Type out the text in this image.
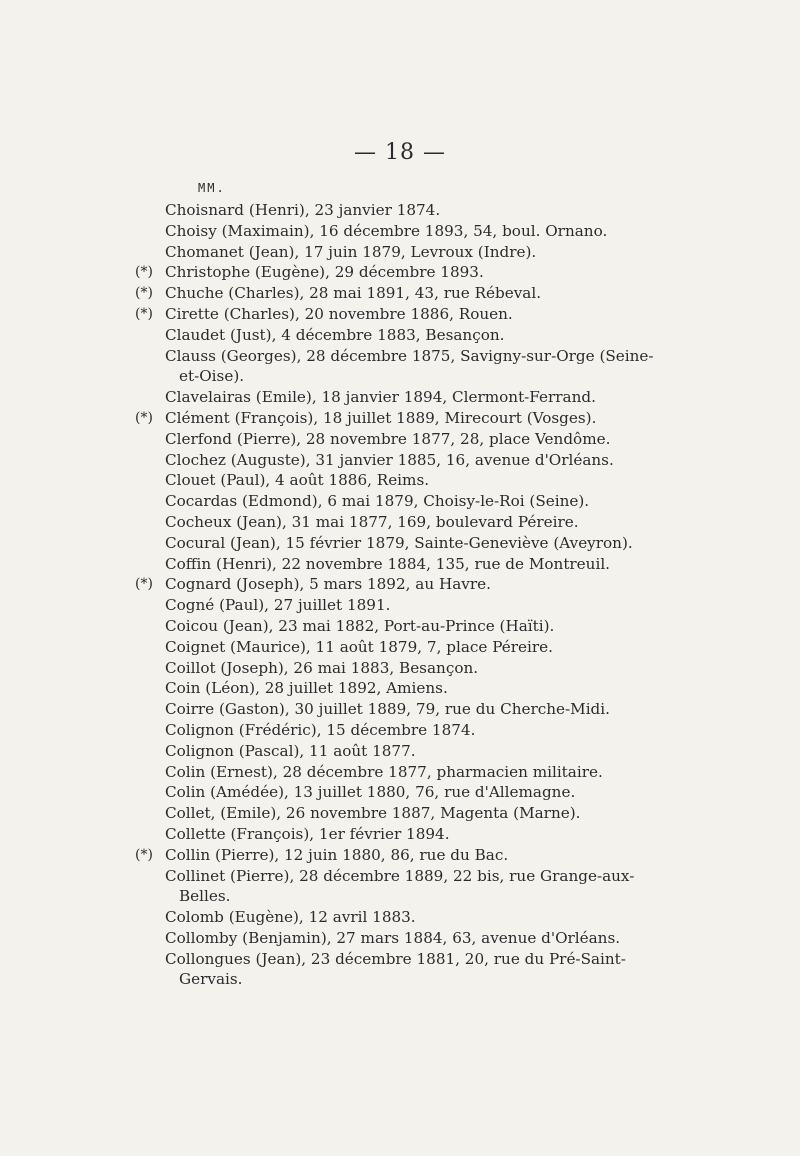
— 18 —
MM.
Choisnard (Henri), 23 janvier 1874.
Choisy (Maximain), 16 décembre 1893, 54, boul. Ornano.
Chomanet (Jean), 17 juin 1879, Levroux (Indre).
(*) Christophe (Eugène), 29 décembre 1893.
(*) Chuche (Charles), 28 mai 1891, 43, rue Rébeval.
(*) Cirette (Charles), 20 novembre 1886, Rouen.
Claudet (Just), 4 décembre 1883, Besançon.
Clauss (Georges), 28 décembre 1875, Savigny-sur-Orge (Seine-
et-Oise).
Clavelairas (Emile), 18 janvier 1894, Clermont-Ferrand.
(*) Clément (François), 18 juillet 1889, Mirecourt (Vosges).
Clerfond (Pierre), 28 novembre 1877, 28, place Vendôme.
Clochez (Auguste), 31 janvier 1885, 16, avenue d'Orléans.
Clouet (Paul), 4 août 1886, Reims.
Cocardas (Edmond), 6 mai 1879, Choisy-le-Roi (Seine).
Cocheux (Jean), 31 mai 1877, 169, boulevard Péreire.
Cocural (Jean), 15 février 1879, Sainte-Geneviève (Aveyron).
Coffin (Henri), 22 novembre 1884, 135, rue de Montreuil.
(*) Cognard (Joseph), 5 mars 1892, au Havre.
Cogné (Paul), 27 juillet 1891.
Coicou (Jean), 23 mai 1882, Port-au-Prince (Haïti).
Coignet (Maurice), 11 août 1879, 7, place Péreire.
Coillot (Joseph), 26 mai 1883, Besançon.
Coin (Léon), 28 juillet 1892, Amiens.
Coirre (Gaston), 30 juillet 1889, 79, rue du Cherche-Midi.
Colignon (Frédéric), 15 décembre 1874.
Colignon (Pascal), 11 août 1877.
Colin (Ernest), 28 décembre 1877, pharmacien militaire.
Colin (Amédée), 13 juillet 1880, 76, rue d'Allemagne.
Collet, (Emile), 26 novembre 1887, Magenta (Marne).
Collette (François), 1er février 1894.
(*) Collin (Pierre), 12 juin 1880, 86, rue du Bac.
Collinet (Pierre), 28 décembre 1889, 22 bis, rue Grange-aux-
Belles.
Colomb (Eugène), 12 avril 1883.
Collomby (Benjamin), 27 mars 1884, 63, avenue d'Orléans.
Collongues (Jean), 23 décembre 1881, 20, rue du Pré-Saint-
Gervais.
